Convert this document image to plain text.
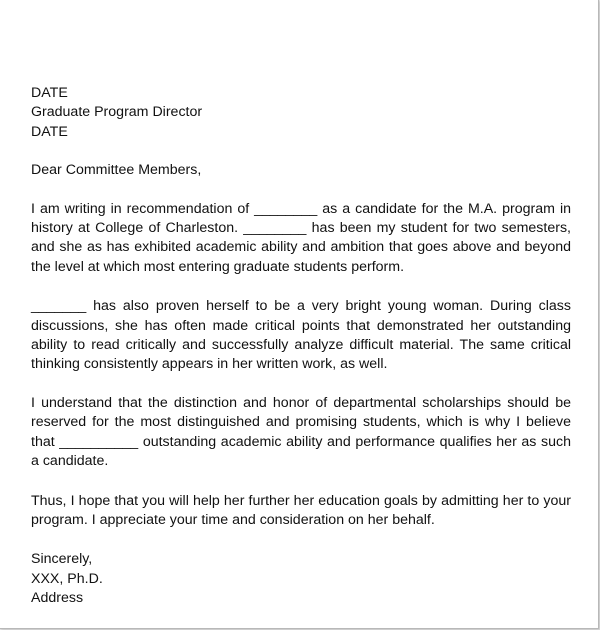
DATE
Graduate Program Director
DATE
Dear Committee Members,
I am writing in recommendation of ________ as a candidate for the M.A. program in history at College of Charleston. ________ has been my student for two semesters, and she as has exhibited academic ability and ambition that goes above and beyond the level at which most entering graduate students perform.
_______ has also proven herself to be a very bright young woman. During class discussions, she has often made critical points that demonstrated her outstanding ability to read critically and successfully analyze difficult material. The same critical thinking consistently appears in her written work, as well.
I understand that the distinction and honor of departmental scholarships should be reserved for the most distinguished and promising students, which is why I believe that __________ outstanding academic ability and performance qualifies her as such a candidate.
Thus, I hope that you will help her further her education goals by admitting her to your program. I appreciate your time and consideration on her behalf.
Sincerely,
XXX, Ph.D.
Address
